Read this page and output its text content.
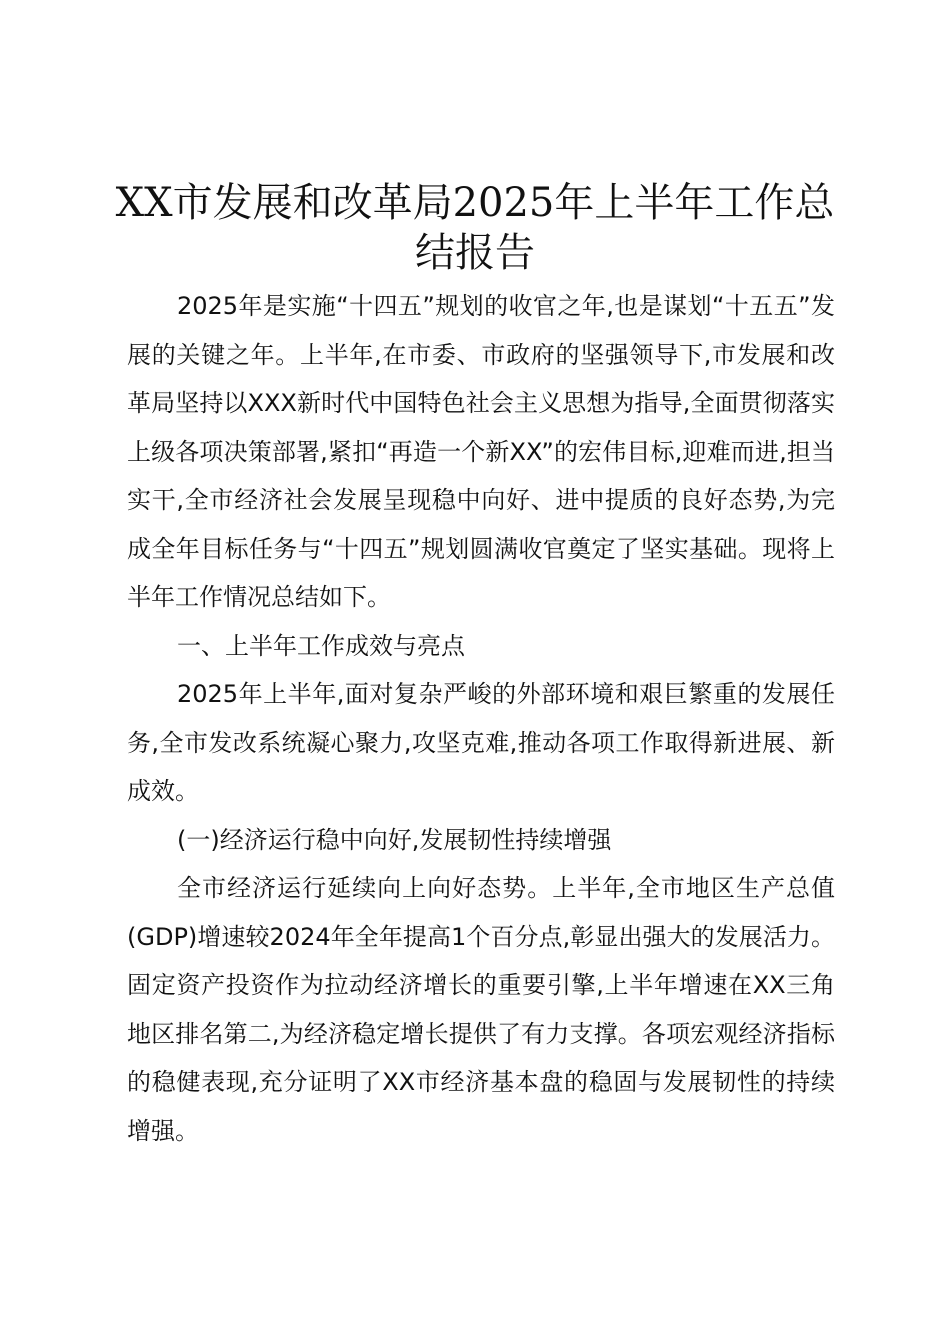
XX市发展和改革局2025年上半年工作总结报告

2025年是实施“十四五”规划的收官之年,也是谋划“十五五”发展的关键之年。上半年,在市委、市政府的坚强领导下,市发展和改革局坚持以XXX新时代中国特色社会主义思想为指导,全面贯彻落实上级各项决策部署,紧扣“再造一个新XX”的宏伟目标,迎难而进,担当实干,全市经济社会发展呈现稳中向好、进中提质的良好态势,为完成全年目标任务与“十四五”规划圆满收官奠定了坚实基础。现将上半年工作情况总结如下。

一、上半年工作成效与亮点

2025年上半年,面对复杂严峻的外部环境和艰巨繁重的发展任务,全市发改系统凝心聚力,攻坚克难,推动各项工作取得新进展、新成效。

(一)经济运行稳中向好,发展韧性持续增强

全市经济运行延续向上向好态势。上半年,全市地区生产总值(GDP)增速较2024年全年提高1个百分点,彰显出强大的发展活力。固定资产投资作为拉动经济增长的重要引擎,上半年增速在XX三角地区排名第二,为经济稳定增长提供了有力支撑。各项宏观经济指标的稳健表现,充分证明了XX市经济基本盘的稳固与发展韧性的持续增强。
